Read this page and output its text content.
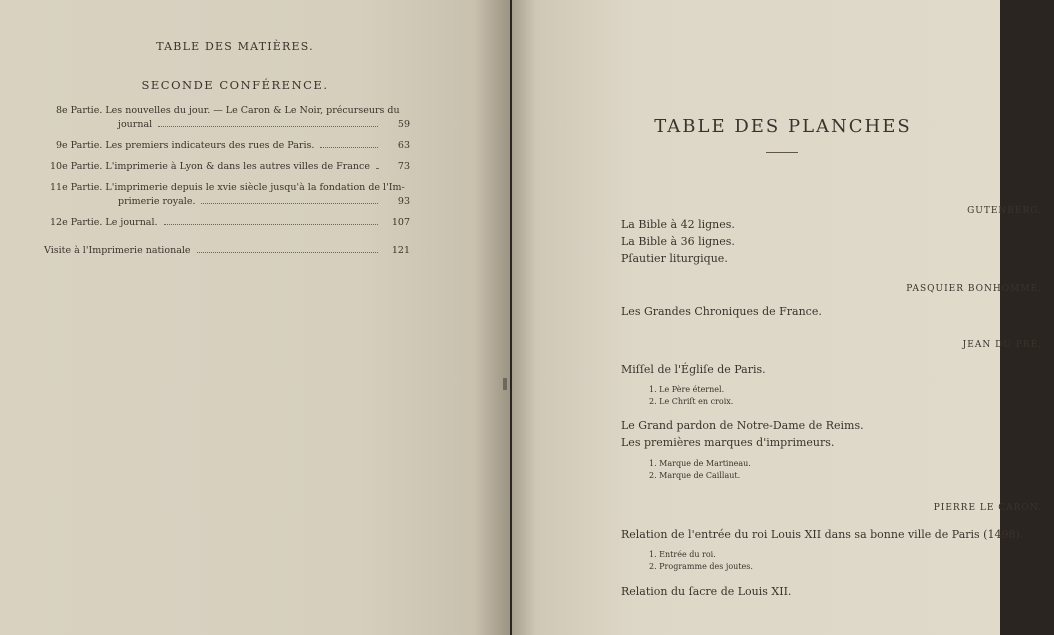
TABLE DES MATIÈRES.
SECONDE CONFÉRENCE.
8e Partie. Les nouvelles du jour. — Le Caron & Le Noir, précurseurs du
journal	59
9e Partie. Les premiers indicateurs des rues de Paris.	63
10e Partie. L'imprimerie à Lyon & dans les autres villes de France	73
11e Partie. L'imprimerie depuis le xvie siècle jusqu'à la fondation de l'Im-
primerie royale.	93
12e Partie. Le journal.	107
Visite à l'Imprimerie nationale	121
TABLE DES PLANCHES
GUTENBERG.
La Bible à 42 lignes.
La Bible à 36 lignes.
Pſautier liturgique.
PASQUIER BONHOMME.
Les Grandes Chroniques de France.
JEAN DU PRÉ.
Miſſel de l'Égliſe de Paris.
1. Le Père éternel.
2. Le Chriſt en croix.
Le Grand pardon de Notre-Dame de Reims.
Les premières marques d'imprimeurs.
1. Marque de Martineau.
2. Marque de Caillaut.
PIERRE LE CARON.
Relation de l'entrée du roi Louis XII dans sa bonne ville de Paris (1498).
1. Entrée du roi.
2. Programme des joutes.
Relation du ſacre de Louis XII.
